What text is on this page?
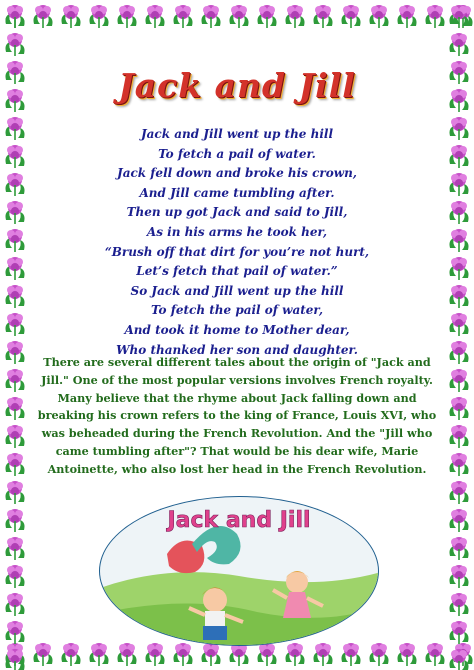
Jack and Jill
Jack and Jill went up the hill
To fetch a pail of water.
Jack fell down and broke his crown,
And Jill came tumbling after.
Then up got Jack and said to Jill,
As in his arms he took her,
“Brush off that dirt for you’re not hurt,
Let’s fetch that pail of water.”
So Jack and Jill went up the hill
To fetch the pail of water,
And took it home to Mother dear,
Who thanked her son and daughter.
There are several different tales about the origin of "Jack and
Jill." One of the most popular versions involves French royalty.
Many believe that the rhyme about Jack falling down and
breaking his crown refers to the king of France, Louis XVI, who
was beheaded during the French Revolution. And the "Jill who
came tumbling after"? That would be his dear wife, Marie
Antoinette, who also lost her head in the French Revolution.
Jack and Jill
